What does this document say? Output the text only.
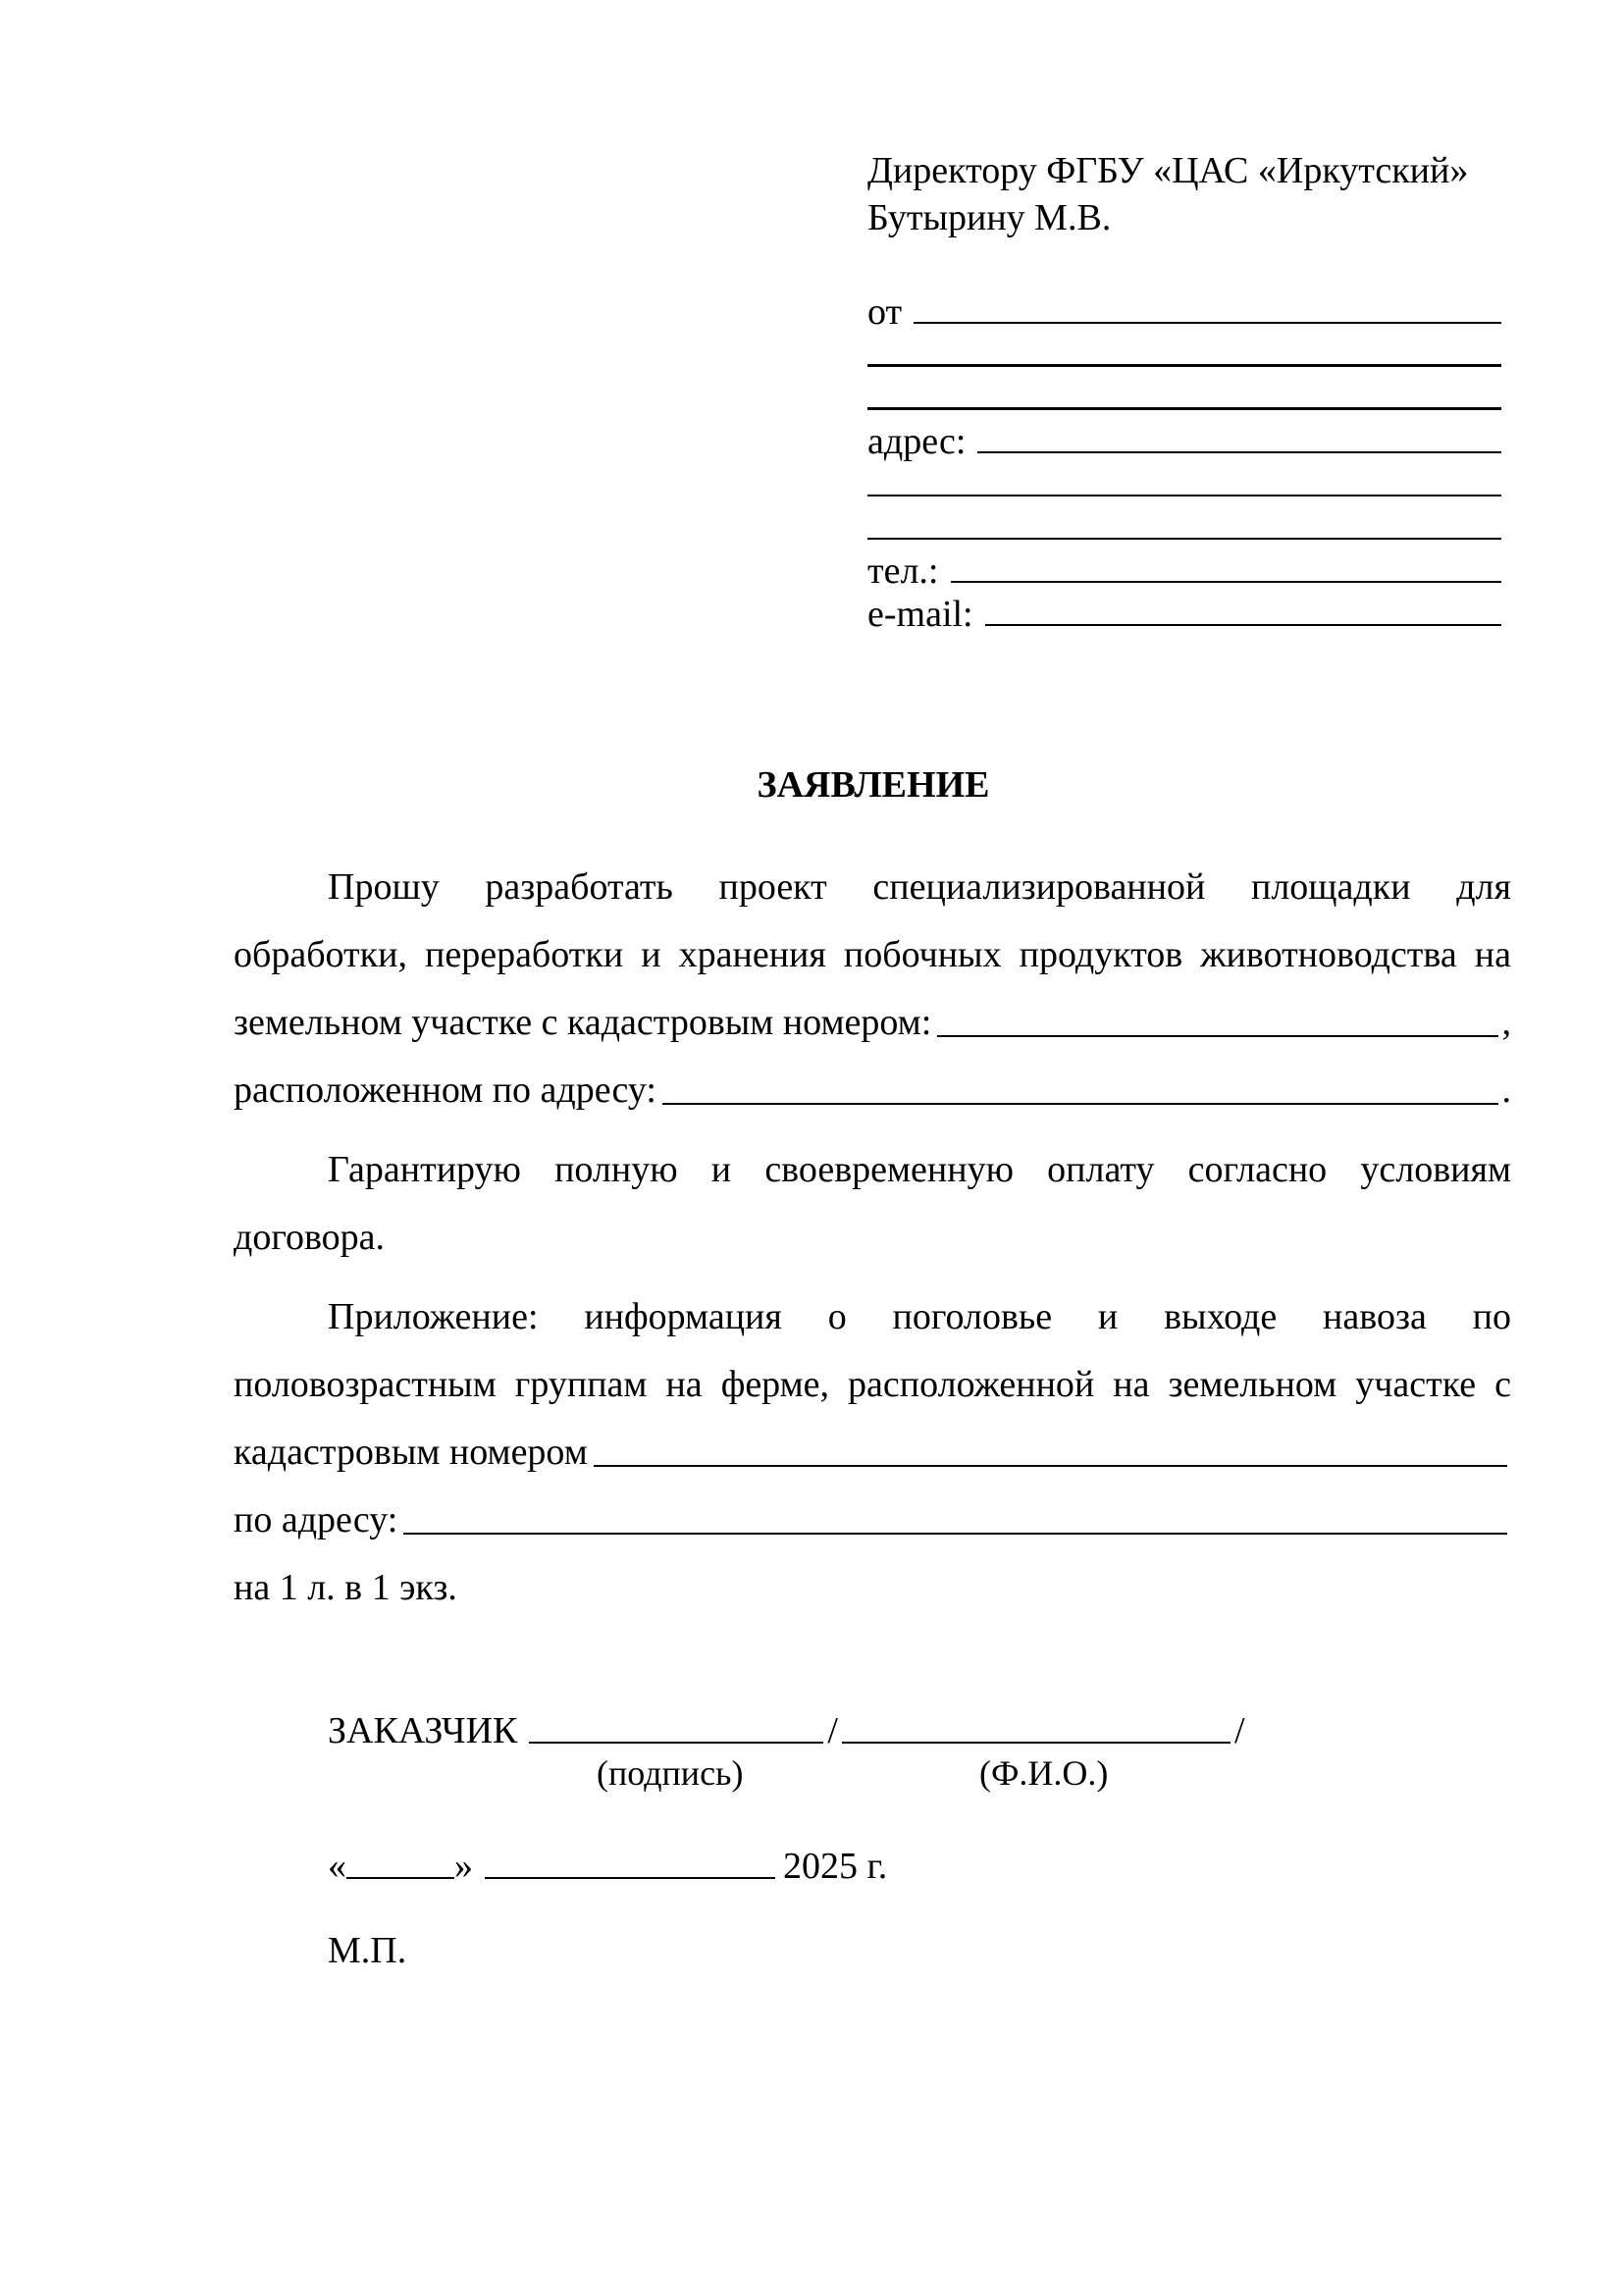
Директору ФГБУ «ЦАС «Иркутский»
Бутырину М.В.
от
адрес:
тел.:
e-mail:
ЗАЯВЛЕНИЕ
Прошу разработать проект специализированной площадки для
обработки, переработки и хранения побочных продуктов животноводства на
земельном участке с кадастровым номером:	,
расположенном по адресу:	.
Гарантирую полную и своевременную оплату согласно условиям
договора.
Приложение: информация о поголовье и выходе навоза по
половозрастным группам на ферме, расположенной на земельном участке с
кадастровым номером
по адресу:
на 1 л. в 1 экз.
ЗАКАЗЧИК	/	/
(подпись)	(Ф.И.О.)
«	»	2025 г.
М.П.
